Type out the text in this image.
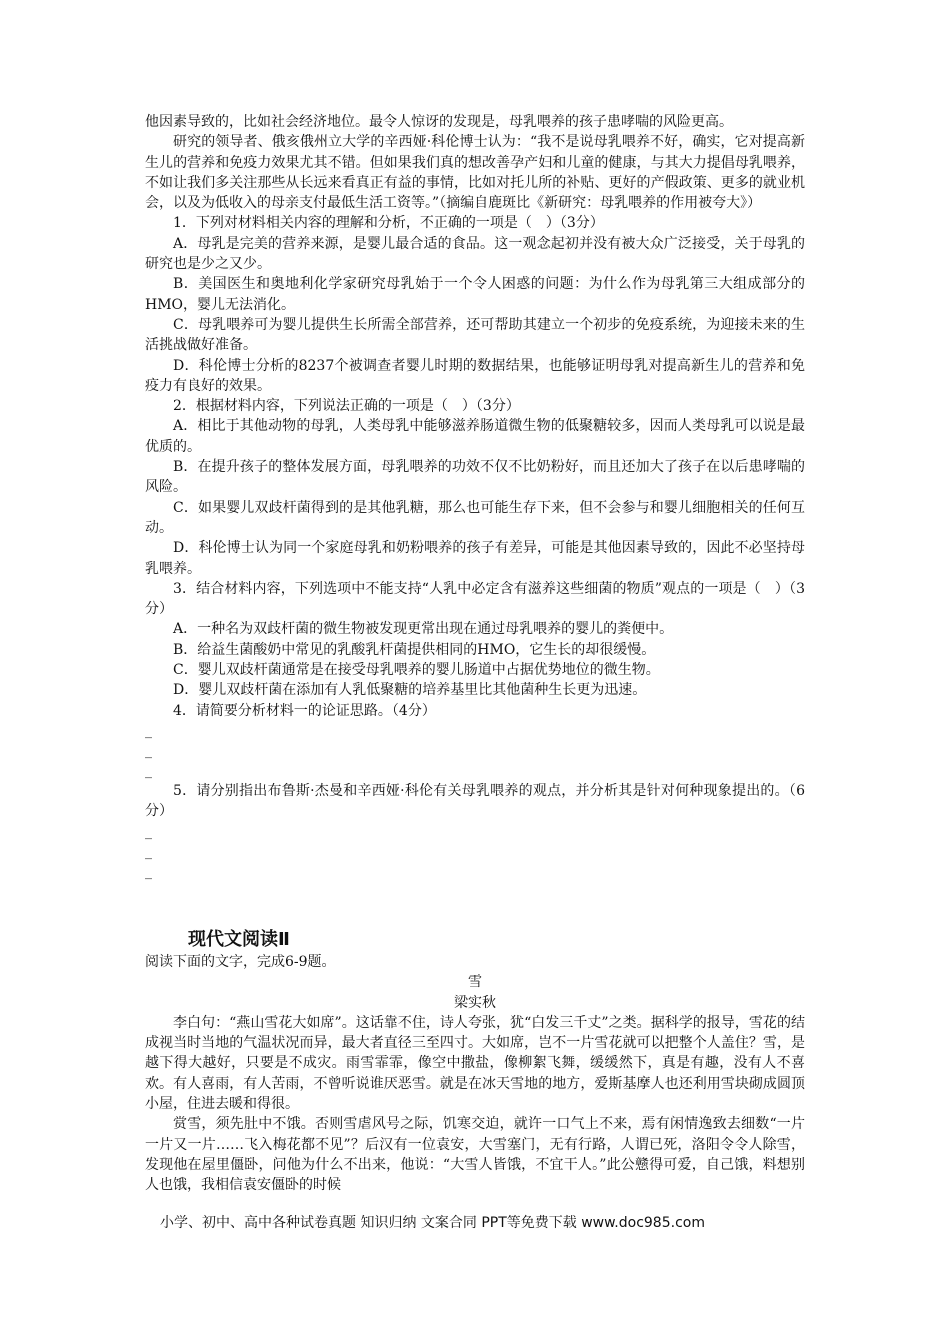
他因素导致的，比如社会经济地位。最令人惊讶的发现是，母乳喂养的孩子患哮喘的风险更高。

研究的领导者、俄亥俄州立大学的辛西娅·科伦博士认为：“我不是说母乳喂养不好，确实，它对提高新生儿的营养和免疫力效果尤其不错。但如果我们真的想改善孕产妇和儿童的健康，与其大力提倡母乳喂养，不如让我们多关注那些从长远来看真正有益的事情，比如对托儿所的补贴、更好的产假政策、更多的就业机会，以及为低收入的母亲支付最低生活工资等。”（摘编自鹿斑比《新研究：母乳喂养的作用被夸大》）

1．下列对材料相关内容的理解和分析，不正确的一项是（　）（3分）

A．母乳是完美的营养来源，是婴儿最合适的食品。这一观念起初并没有被大众广泛接受，关于母乳的研究也是少之又少。

B．美国医生和奥地利化学家研究母乳始于一个令人困惑的问题：为什么作为母乳第三大组成部分的HMO，婴儿无法消化。

C．母乳喂养可为婴儿提供生长所需全部营养，还可帮助其建立一个初步的免疫系统，为迎接未来的生活挑战做好准备。

D．科伦博士分析的8237个被调查者婴儿时期的数据结果，也能够证明母乳对提高新生儿的营养和免疫力有良好的效果。

2．根据材料内容，下列说法正确的一项是（　）（3分）

A．相比于其他动物的母乳，人类母乳中能够滋养肠道微生物的低聚糖较多，因而人类母乳可以说是最优质的。

B．在提升孩子的整体发展方面，母乳喂养的功效不仅不比奶粉好，而且还加大了孩子在以后患哮喘的风险。

C．如果婴儿双歧杆菌得到的是其他乳糖，那么也可能生存下来，但不会参与和婴儿细胞相关的任何互动。

D．科伦博士认为同一个家庭母乳和奶粉喂养的孩子有差异，可能是其他因素导致的，因此不必坚持母乳喂养。

3．结合材料内容，下列选项中不能支持“人乳中必定含有滋养这些细菌的物质”观点的一项是（　）（3分）

A．一种名为双歧杆菌的微生物被发现更常出现在通过母乳喂养的婴儿的粪便中。

B．给益生菌酸奶中常见的乳酸乳杆菌提供相同的HMO，它生长的却很缓慢。

C．婴儿双歧杆菌通常是在接受母乳喂养的婴儿肠道中占据优势地位的微生物。

D．婴儿双歧杆菌在添加有人乳低聚糖的培养基里比其他菌种生长更为迅速。

4．请简要分析材料一的论证思路。（4分）

_
_
_

5．请分别指出布鲁斯·杰曼和辛西娅·科伦有关母乳喂养的观点，并分析其是针对何种现象提出的。（6分）

_
_
_
现代文阅读Ⅱ

阅读下面的文字，完成6-9题。

雪

梁实秋

李白句：“燕山雪花大如席”。这话靠不住，诗人夸张，犹“白发三千丈”之类。据科学的报导，雪花的结成视当时当地的气温状况而异，最大者直径三至四寸。大如席，岂不一片雪花就可以把整个人盖住？雪，是越下得大越好，只要是不成灾。雨雪霏霏，像空中撒盐，像柳絮飞舞，缓缓然下，真是有趣，没有人不喜欢。有人喜雨，有人苦雨，不曾听说谁厌恶雪。就是在冰天雪地的地方，爱斯基摩人也还利用雪块砌成圆顶小屋，住进去暖和得很。

赏雪，须先肚中不饿。否则雪虐风号之际，饥寒交迫，就许一口气上不来，焉有闲情逸致去细数“一片一片又一片……飞入梅花都不见”？后汉有一位袁安，大雪塞门，无有行路，人谓已死，洛阳令令人除雪，发现他在屋里僵卧，问他为什么不出来，他说：“大雪人皆饿，不宜干人。”此公戆得可爱，自己饿，料想别人也饿，我相信袁安僵卧的时候

小学、初中、高中各种试卷真题 知识归纳 文案合同 PPT等免费下载 www.doc985.com
